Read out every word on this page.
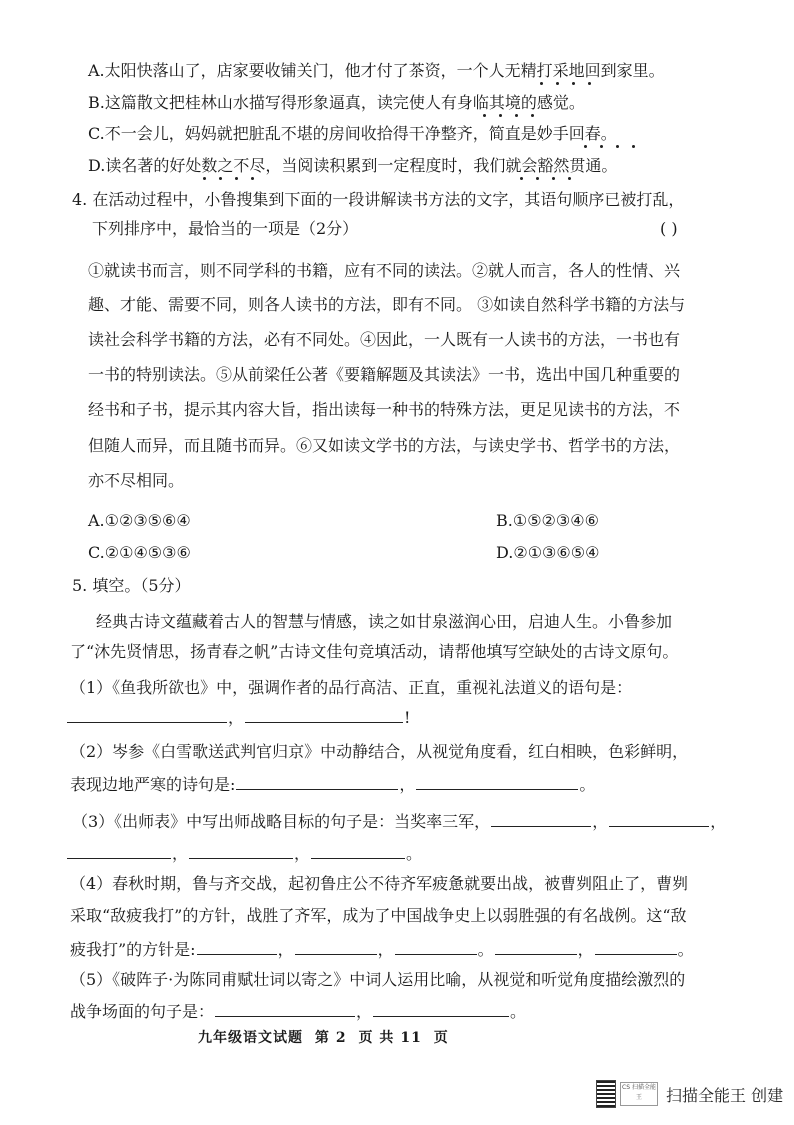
A.太阳快落山了，店家要收铺关门，他才付了茶资，一个人无精打采地回到家里。
B.这篇散文把桂林山水描写得形象逼真，读完使人有身临其境的感觉。
C.不一会儿，妈妈就把脏乱不堪的房间收拾得干净整齐，简直是妙手回春。
D.读名著的好处数之不尽，当阅读积累到一定程度时，我们就会豁然贯通。
4. 在活动过程中，小鲁搜集到下面的一段讲解读书方法的文字，其语句顺序已被打乱，
下列排序中，最恰当的一项是（2分）	( )
①就读书而言，则不同学科的书籍，应有不同的读法。②就人而言，各人的性情、兴
趣、才能、需要不同，则各人读书的方法，即有不同。 ③如读自然科学书籍的方法与
读社会科学书籍的方法，必有不同处。④因此，一人既有一人读书的方法，一书也有
一书的特别读法。⑤从前梁任公著《要籍解题及其读法》一书，选出中国几种重要的
经书和子书，提示其内容大旨，指出读每一种书的特殊方法，更足见读书的方法，不
但随人而异，而且随书而异。⑥又如读文学书的方法，与读史学书、哲学书的方法，
亦不尽相同。
A.①②③⑤⑥④	B.①⑤②③④⑥
C.②①④⑤③⑥	D.②①③⑥⑤④
5. 填空。（5分）
经典古诗文蕴藏着古人的智慧与情感，读之如甘泉滋润心田，启迪人生。小鲁参加
了“沐先贤情思，扬青春之帆”古诗文佳句竞填活动，请帮他填写空缺处的古诗文原句。
（1）《鱼我所欲也》中，强调作者的品行高洁、正直，重视礼法道义的语句是：
，	!
（2）岑参《白雪歌送武判官归京》中动静结合，从视觉角度看，红白相映，色彩鲜明，
表现边地严寒的诗句是:	，	。
（3）《出师表》中写出师战略目标的句子是：当奖率三军，	，	，
，	，	。
（4）春秋时期，鲁与齐交战，起初鲁庄公不待齐军疲惫就要出战，被曹刿阻止了，曹刿
采取“敌疲我打”的方针，战胜了齐军，成为了中国战争史上以弱胜强的有名战例。这“敌
疲我打”的方针是:	，	，	。	，	。
（5）《破阵子·为陈同甫赋壮词以寄之》中词人运用比喻，从视觉和听觉角度描绘激烈的
战争场面的句子是：	，	。
九年级语文试题 第 2 页 共 11 页
CS 扫描全能王	扫描全能王 创建
